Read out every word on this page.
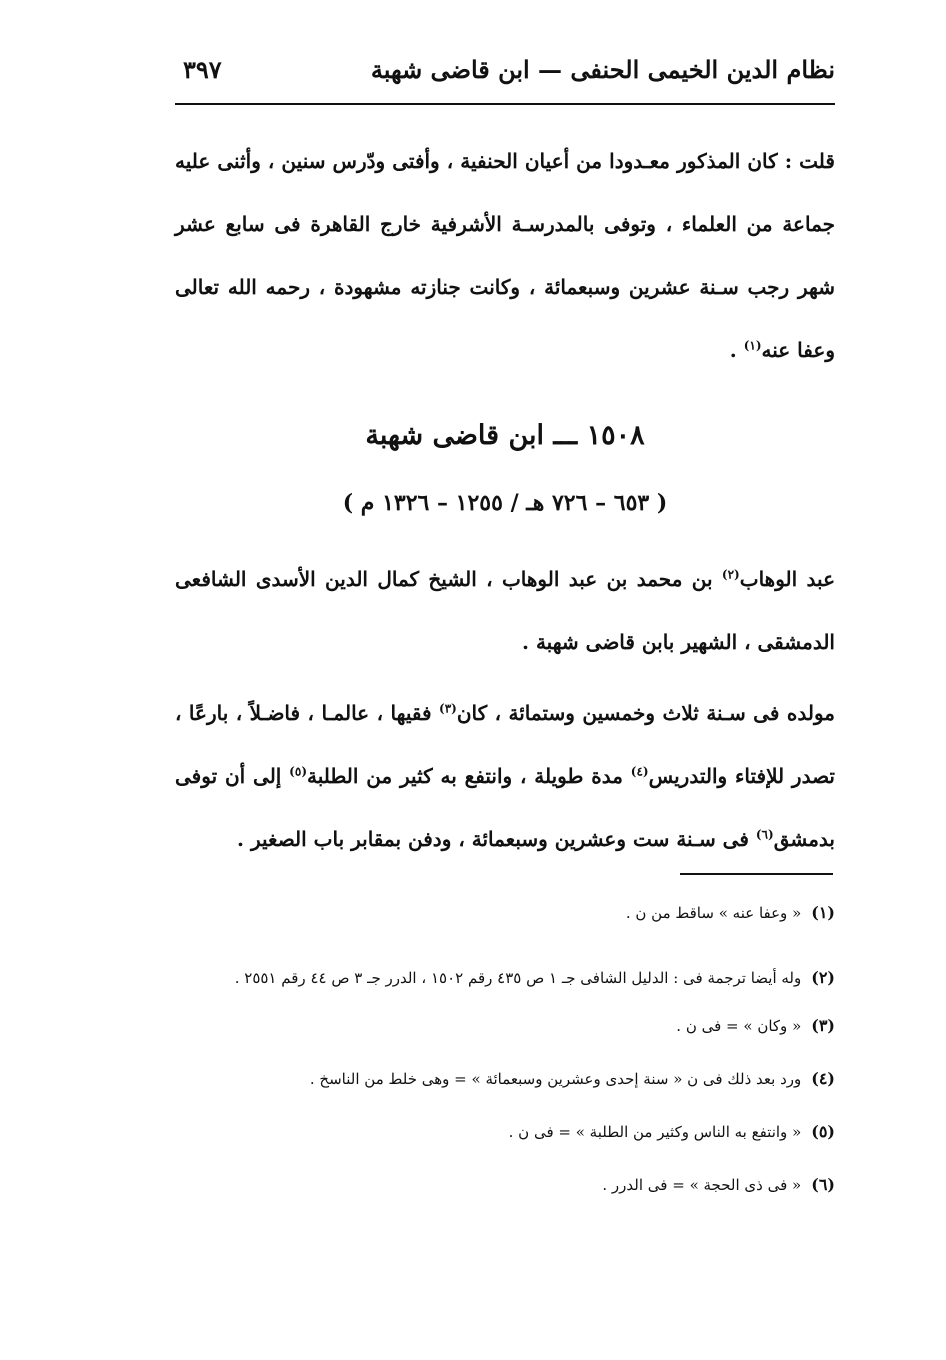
نظام الدين الخيمى الحنفى — ابن قاضى شهبة
٣٩٧

قلت : كان المذكور معـدودا من أعيان الحنفية ، وأفتى ودّرس سنين ، وأثنى عليه جماعة من العلماء ، وتوفى بالمدرسـة الأشرفية خارج القاهرة فى سابع عشر شهر رجب سـنة عشرين وسبعمائة ، وكانت جنازته مشهودة ، رحمه الله تعالى وعفا عنه$^{(١)}$ .

١٥٠٨ ـــ ابن قاضى شهبة
( ٦٥٣ – ٧٢٦ هـ / ١٢٥٥ – ١٣٢٦ م )

عبد الوهاب$^{(٢)}$ بن محمد بن عبد الوهاب ، الشيخ كمال الدين الأسدى الشافعى الدمشقى ، الشهير بابن قاضى شهبة .

مولده فى سـنة ثلاث وخمسين وستمائة ، كان$^{(٣)}$ فقيها ، عالمـا ، فاضـلاً ، بارعًا ، تصدر للإفتاء والتدريس$^{(٤)}$ مدة طويلة ، وانتفع به كثير من الطلبة$^{(٥)}$ إلى أن توفى بدمشق$^{(٦)}$ فى سـنة ست وعشرين وسبعمائة ، ودفن بمقابر باب الصغير .

(١)« وعفا عنه » ساقط من ن .
(٢)وله أيضا ترجمة فى : الدليل الشافى جـ ١ ص ٤٣٥ رقم ١٥٠٢ ، الدرر جـ ٣ ص ٤٤ رقم ٢٥٥١ .
(٣)« وكان » = فى ن .
(٤)ورد بعد ذلك فى ن « سنة إحدى وعشرين وسبعمائة » = وهى خلط من الناسخ .
(٥)« وانتفع به الناس وكثير من الطلبة » = فى ن .
(٦)« فى ذى الحجة » = فى الدرر .
